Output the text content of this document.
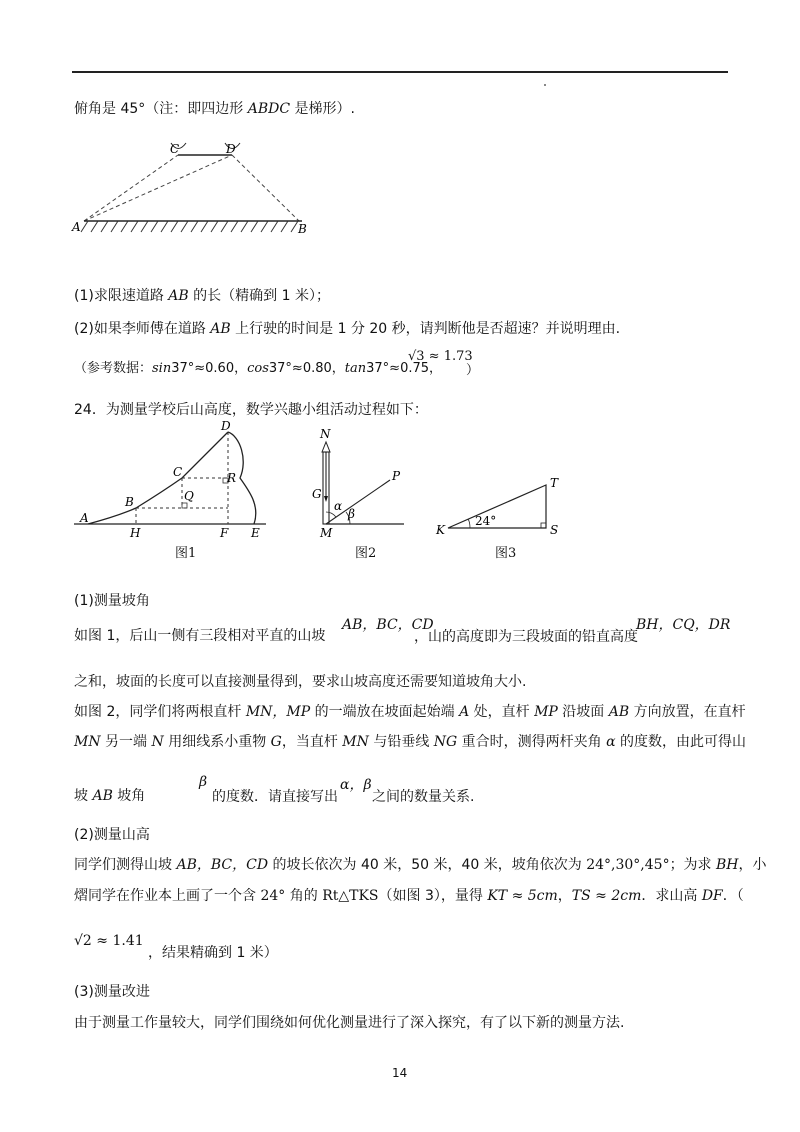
俯角是 45°（注：即四边形 ABDC 是梯形）.
C	D
A	B
(1)求限速道路 AB 的长（精确到 1 米）；
(2)如果李师傅在道路 AB 上行驶的时间是 1 分 20 秒，请判断他是否超速？并说明理由.
（参考数据：sin37°≈0.60，cos37°≈0.80，tan37°≈0.75，
√3 ≈ 1.73
）
24．为测量学校后山高度，数学兴趣小组活动过程如下：
D
C	R
B	Q
A
H	F E
图1
N
P
G
α
β
M
图2
T
K	S
24°
图3
(1)测量坡角
如图 1，后山一侧有三段相对平直的山坡
AB，BC，CD
，山的高度即为三段坡面的铅直高度
BH，CQ，DR
之和，坡面的长度可以直接测量得到，要求山坡高度还需要知道坡角大小.
如图 2，同学们将两根直杆 MN，MP 的一端放在坡面起始端 A 处，直杆 MP 沿坡面 AB 方向放置，在直杆
MN 另一端 N 用细线系小重物 G，当直杆 MN 与铅垂线 NG 重合时，测得两杆夹角 α 的度数，由此可得山
坡 AB 坡角
β
的度数．请直接写出
α，β
之间的数量关系.
(2)测量山高
同学们测得山坡 AB，BC，CD 的坡长依次为 40 米，50 米，40 米，坡角依次为 24°,30°,45°；为求 BH，小
熠同学在作业本上画了一个含 24° 角的 Rt△TKS（如图 3），量得 KT ≈ 5cm，TS ≈ 2cm．求山高 DF．（
√2 ≈ 1.41
，结果精确到 1 米）
(3)测量改进
由于测量工作量较大，同学们围绕如何优化测量进行了深入探究，有了以下新的测量方法.
14
